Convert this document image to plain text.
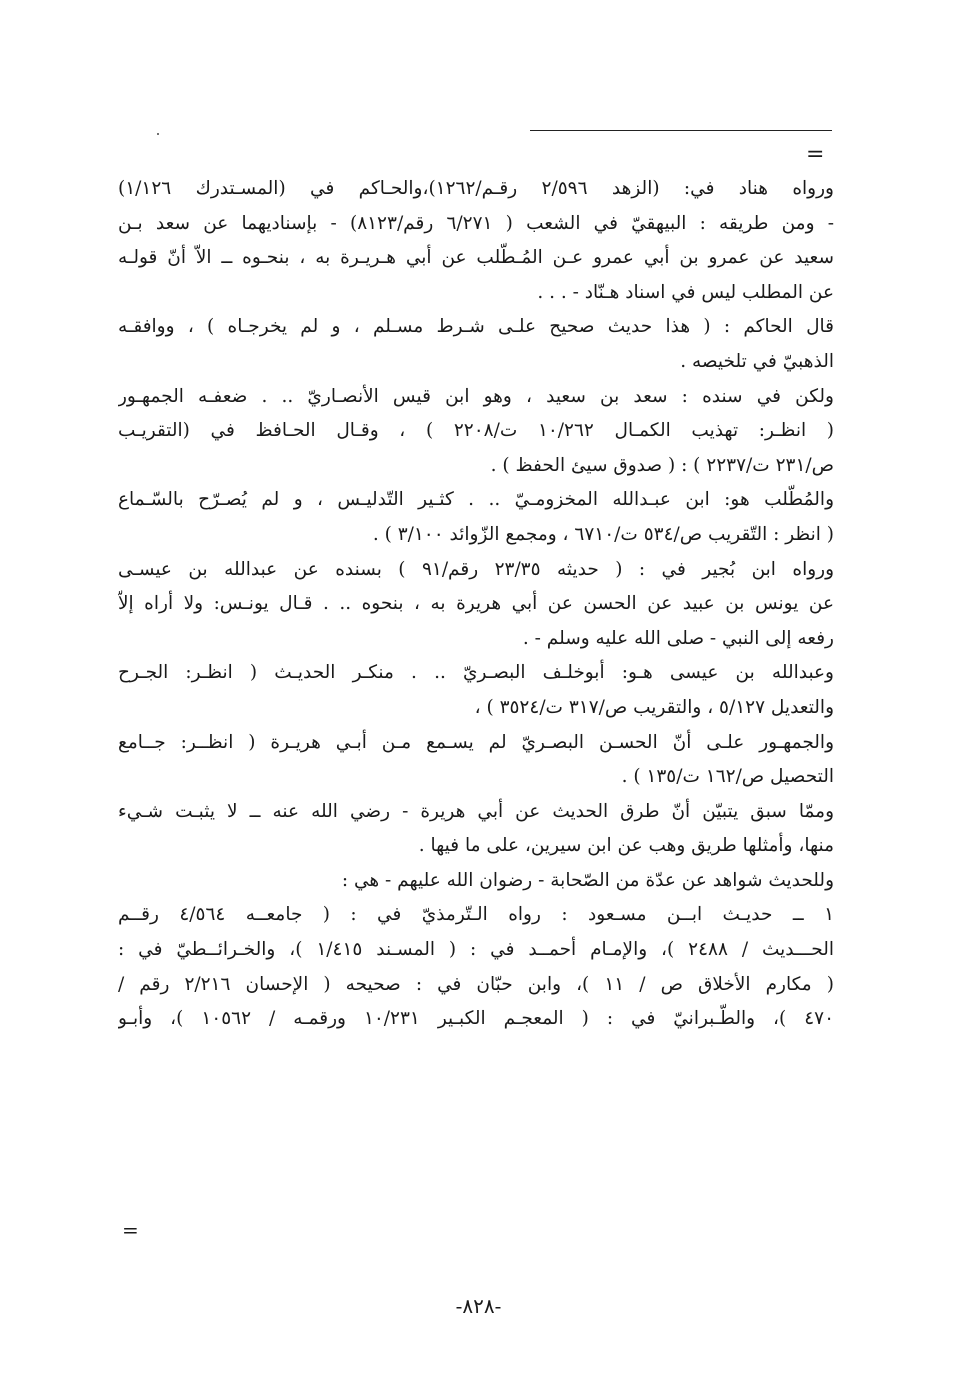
=
ورواه هناد في: (الزهد ٢/٥٩٦ رقـم/١٢٦٢)،والحـاكم في (المسـتدرك ١/١٢٦)
- ومن طريقه : البيهقيّ في الشعب ( ٦/٢٧١ رقم/٨١٢٣) - بإسناديهما عن سعد بـن
سعيد عن عمرو بن أبي عمرو عـن المُـطّلب عن أبي هـريـرة به ، بنحـوه ــ الاّ أنّ قولـه
عن المطلب ليس في اسناد هـنّاد - . . .
قال الحاكم : ( هذا حديث صحيح علـى شـرط مسـلم ، و لم يخرجـاه ) ، ووافقـه
الذهبيّ في تلخيصه .
ولكن في سنده : سعد بن سعيد ، وهو ابن قيس الأنصـاريّ .. . ضعفـه الجمهـور
( انظـر: تهذيب الكمـال ١٠/٢٦٢ ت/٢٢٠٨ ) ، وقـال الحـافظ في (التقريـب
ص/٢٣١ ت/٢٢٣٧ ) : ( صدوق سيئ الحفظ ) .
والمُطّلب هو: ابن عبـدالله المخزومـيّ .. . كثـير التّدليـس ، و لم يُصـرّح بالسّـماع
( انظر : التّقريب ص/٥٣٤ ت/٦٧١٠ ، ومجمع الزّوائد ٣/١٠٠ ) .
ورواه ابن بُجير في : ( حديثه ٢٣/٣٥ رقم/٩١ ) بسنده عن عبدالله بن عيسـى
عن يونس بن عبيد عن الحسن عن أبي هريرة به ، بنحوه .. . قـال يونـس: ولا أراه إلاّ
رفعه إلى النبي - صلى الله عليه وسلم - .
وعبدالله بن عيسى هـو: أبوخلـف البصـريّ .. . منكـر الحديـث ( انظـر: الجـرح
والتعديل ٥/١٢٧ ، والتقريب ص/٣١٧ ت/٣٥٢٤ ) ،
والجمهـور علـى أنّ الحسـن البصـريّ لم يسـمع مـن أبـي هريـرة ( انظــر: جــامع
التحصيل ص/١٦٢ ت/١٣٥ ) .
وممّا سبق يتبيّن أنّ طرق الحديث عن أبي هريرة - رضي الله عنه ــ لا يثبـت شـيء
منها، وأمثلها طريق وهب عن ابن سيرين، على ما فيها .
وللحديث شواهد عن عدّة من الصّحابة - رضوان الله عليهم - هي :
١ ــ حديـث ابــن مسـعود : رواه الـتّرمذيّ في : ( جامعــه ٤/٥٦٤ رقــم
الحـــديث / ٢٤٨٨ )، والإمـام أحمــد في : ( المسـند ١/٤١٥ )، والخـرائــطيّ في :
( مكارم الأخلاق ص / ١١ )، وابن حبّان في : صحيحه ( الإحسان ٢/٢١٦ رقم /
٤٧٠ )، والطّـبرانيّ في : ( المعجـم الكبـير ١٠/٢٣١ ورقمـه / ١٠٥٦٢ )، وأبـو
=
-٨٢٨-
